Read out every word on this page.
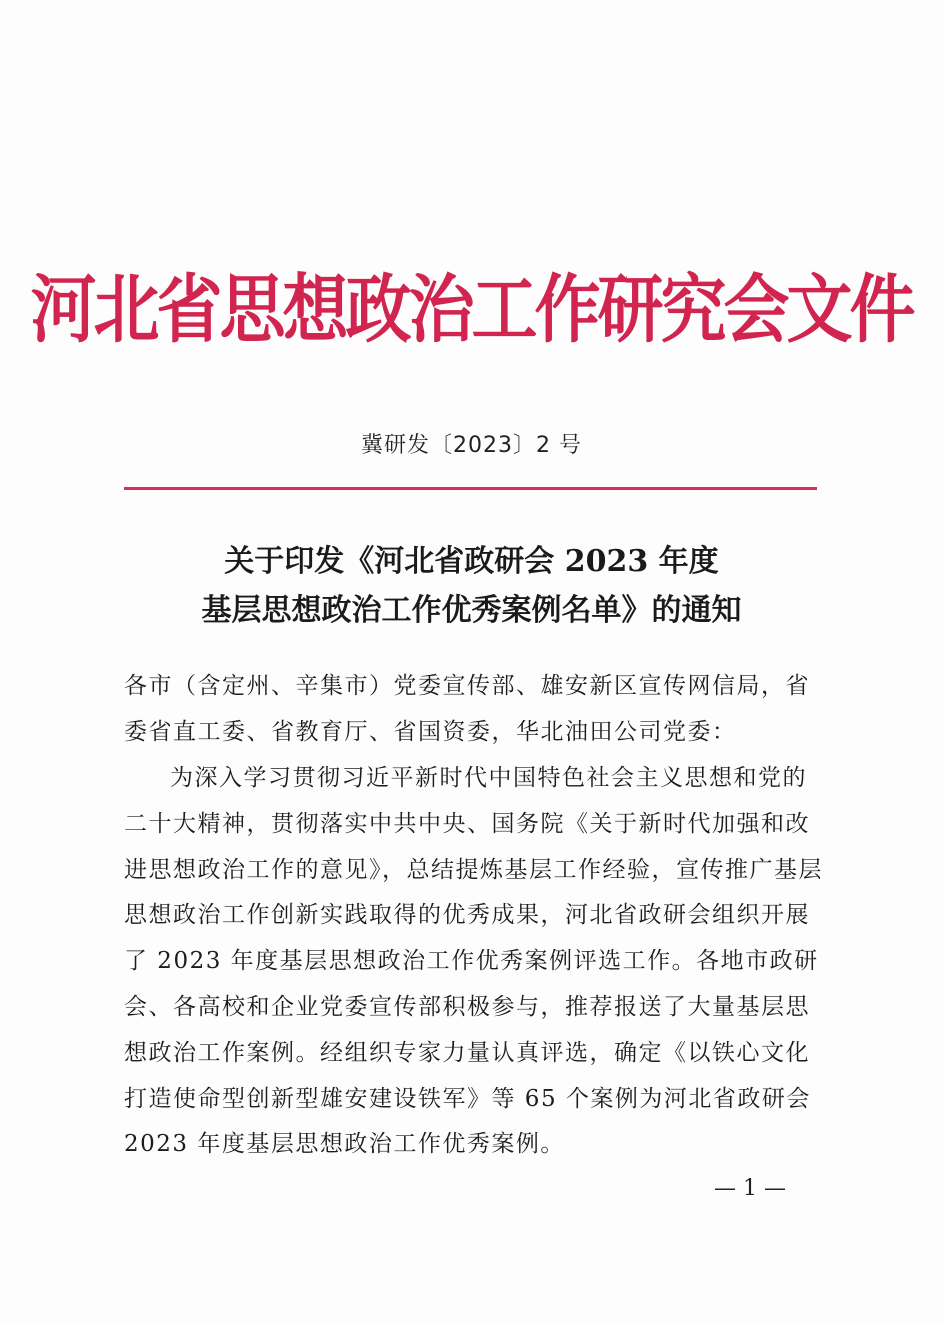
河北省思想政治工作研究会文件
冀研发〔2023〕2 号
关于印发《河北省政研会 2023 年度
基层思想政治工作优秀案例名单》的通知
各市（含定州、辛集市）党委宣传部、雄安新区宣传网信局，省委省直工委、省教育厅、省国资委，华北油田公司党委：
为深入学习贯彻习近平新时代中国特色社会主义思想和党的二十大精神，贯彻落实中共中央、国务院《关于新时代加强和改进思想政治工作的意见》，总结提炼基层工作经验，宣传推广基层思想政治工作创新实践取得的优秀成果，河北省政研会组织开展了 2023 年度基层思想政治工作优秀案例评选工作。各地市政研会、各高校和企业党委宣传部积极参与，推荐报送了大量基层思想政治工作案例。经组织专家力量认真评选，确定《以铁心文化打造使命型创新型雄安建设铁军》等 65 个案例为河北省政研会 2023 年度基层思想政治工作优秀案例。
— 1 —
